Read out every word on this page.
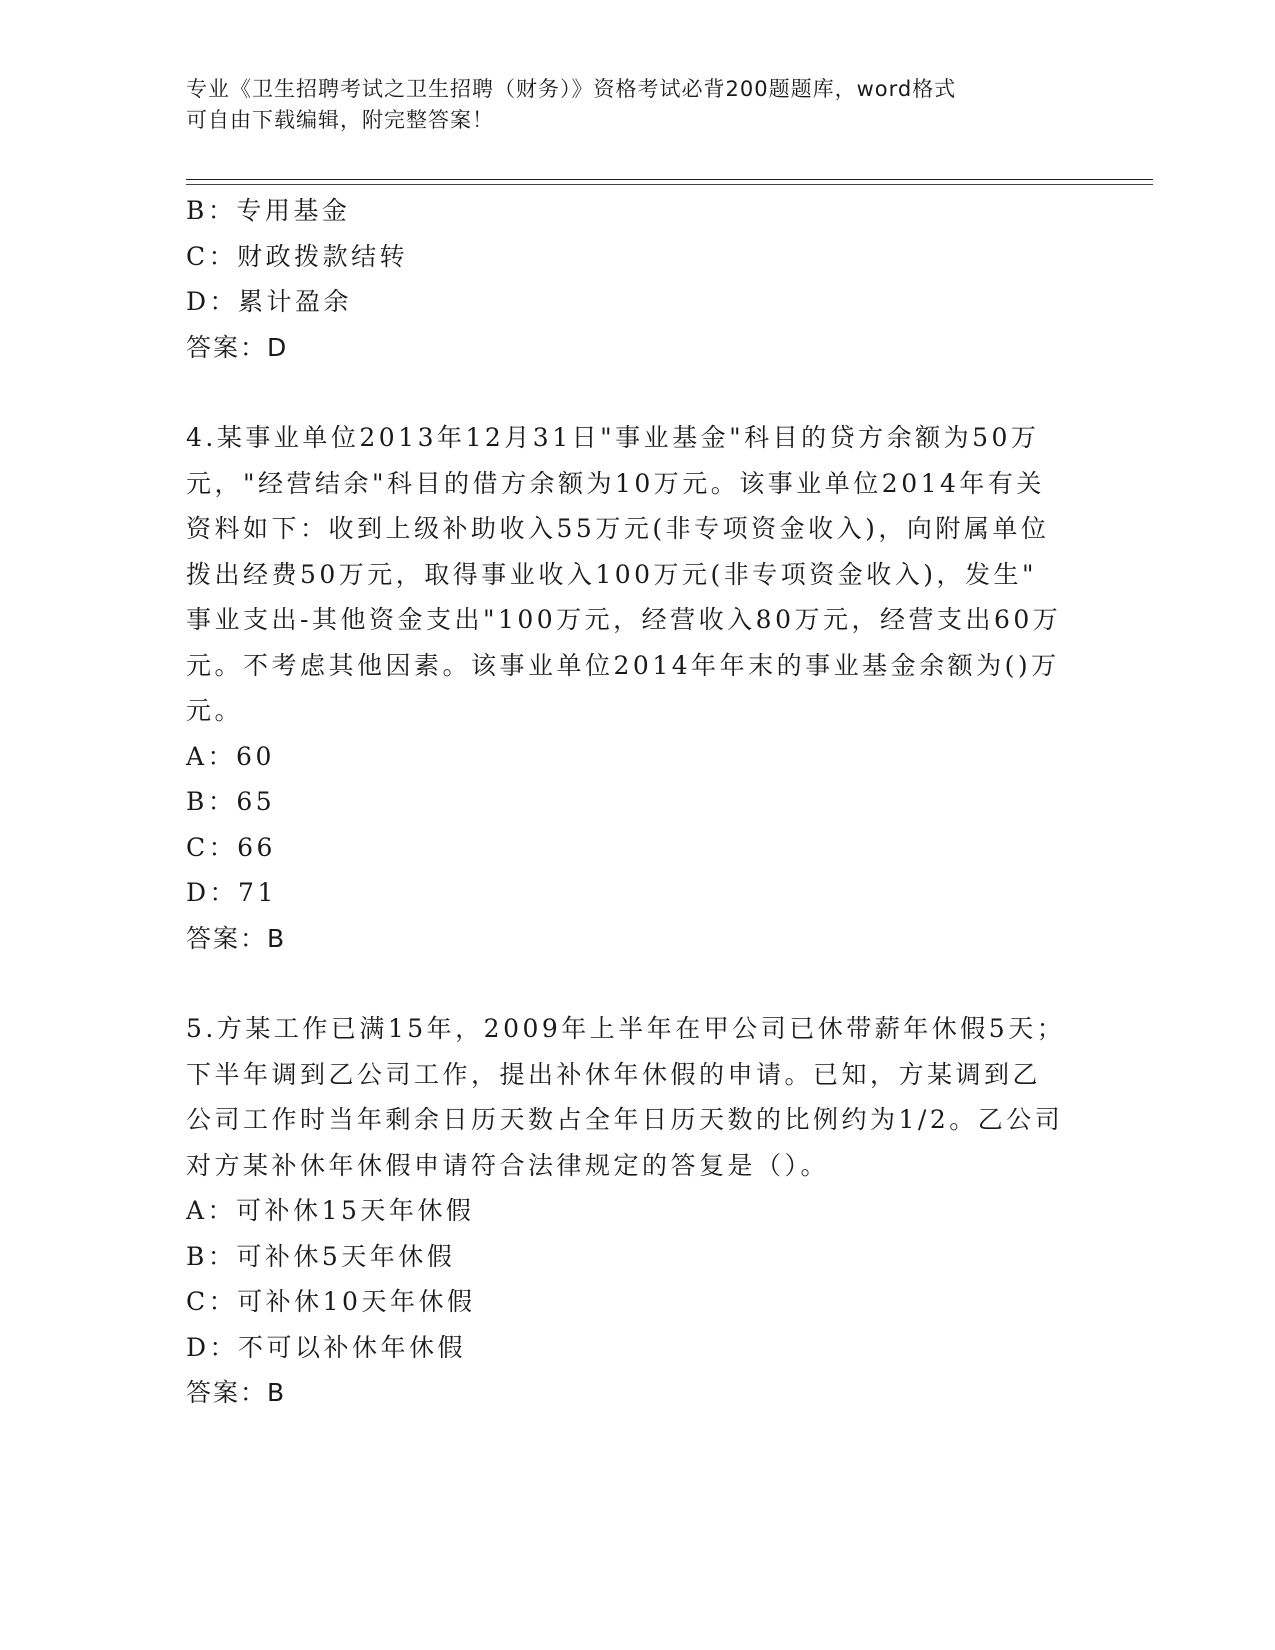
专业《卫生招聘考试之卫生招聘（财务）》资格考试必背200题题库，word格式
可自由下载编辑，附完整答案！
B：专用基金
C：财政拨款结转
D：累计盈余
答案：D
4.某事业单位2013年12月31日"事业基金"科目的贷方余额为50万
元，"经营结余"科目的借方余额为10万元。该事业单位2014年有关
资料如下：收到上级补助收入55万元(非专项资金收入)，向附属单位
拨出经费50万元，取得事业收入100万元(非专项资金收入)，发生"
事业支出-其他资金支出"100万元，经营收入80万元，经营支出60万
元。不考虑其他因素。该事业单位2014年年末的事业基金余额为()万
元。
A：60
B：65
C：66
D：71
答案：B
5.方某工作已满15年，2009年上半年在甲公司已休带薪年休假5天；
下半年调到乙公司工作，提出补休年休假的申请。已知，方某调到乙
公司工作时当年剩余日历天数占全年日历天数的比例约为1/2。乙公司
对方某补休年休假申请符合法律规定的答复是（）。
A：可补休15天年休假
B：可补休5天年休假
C：可补休10天年休假
D：不可以补休年休假
答案：B
